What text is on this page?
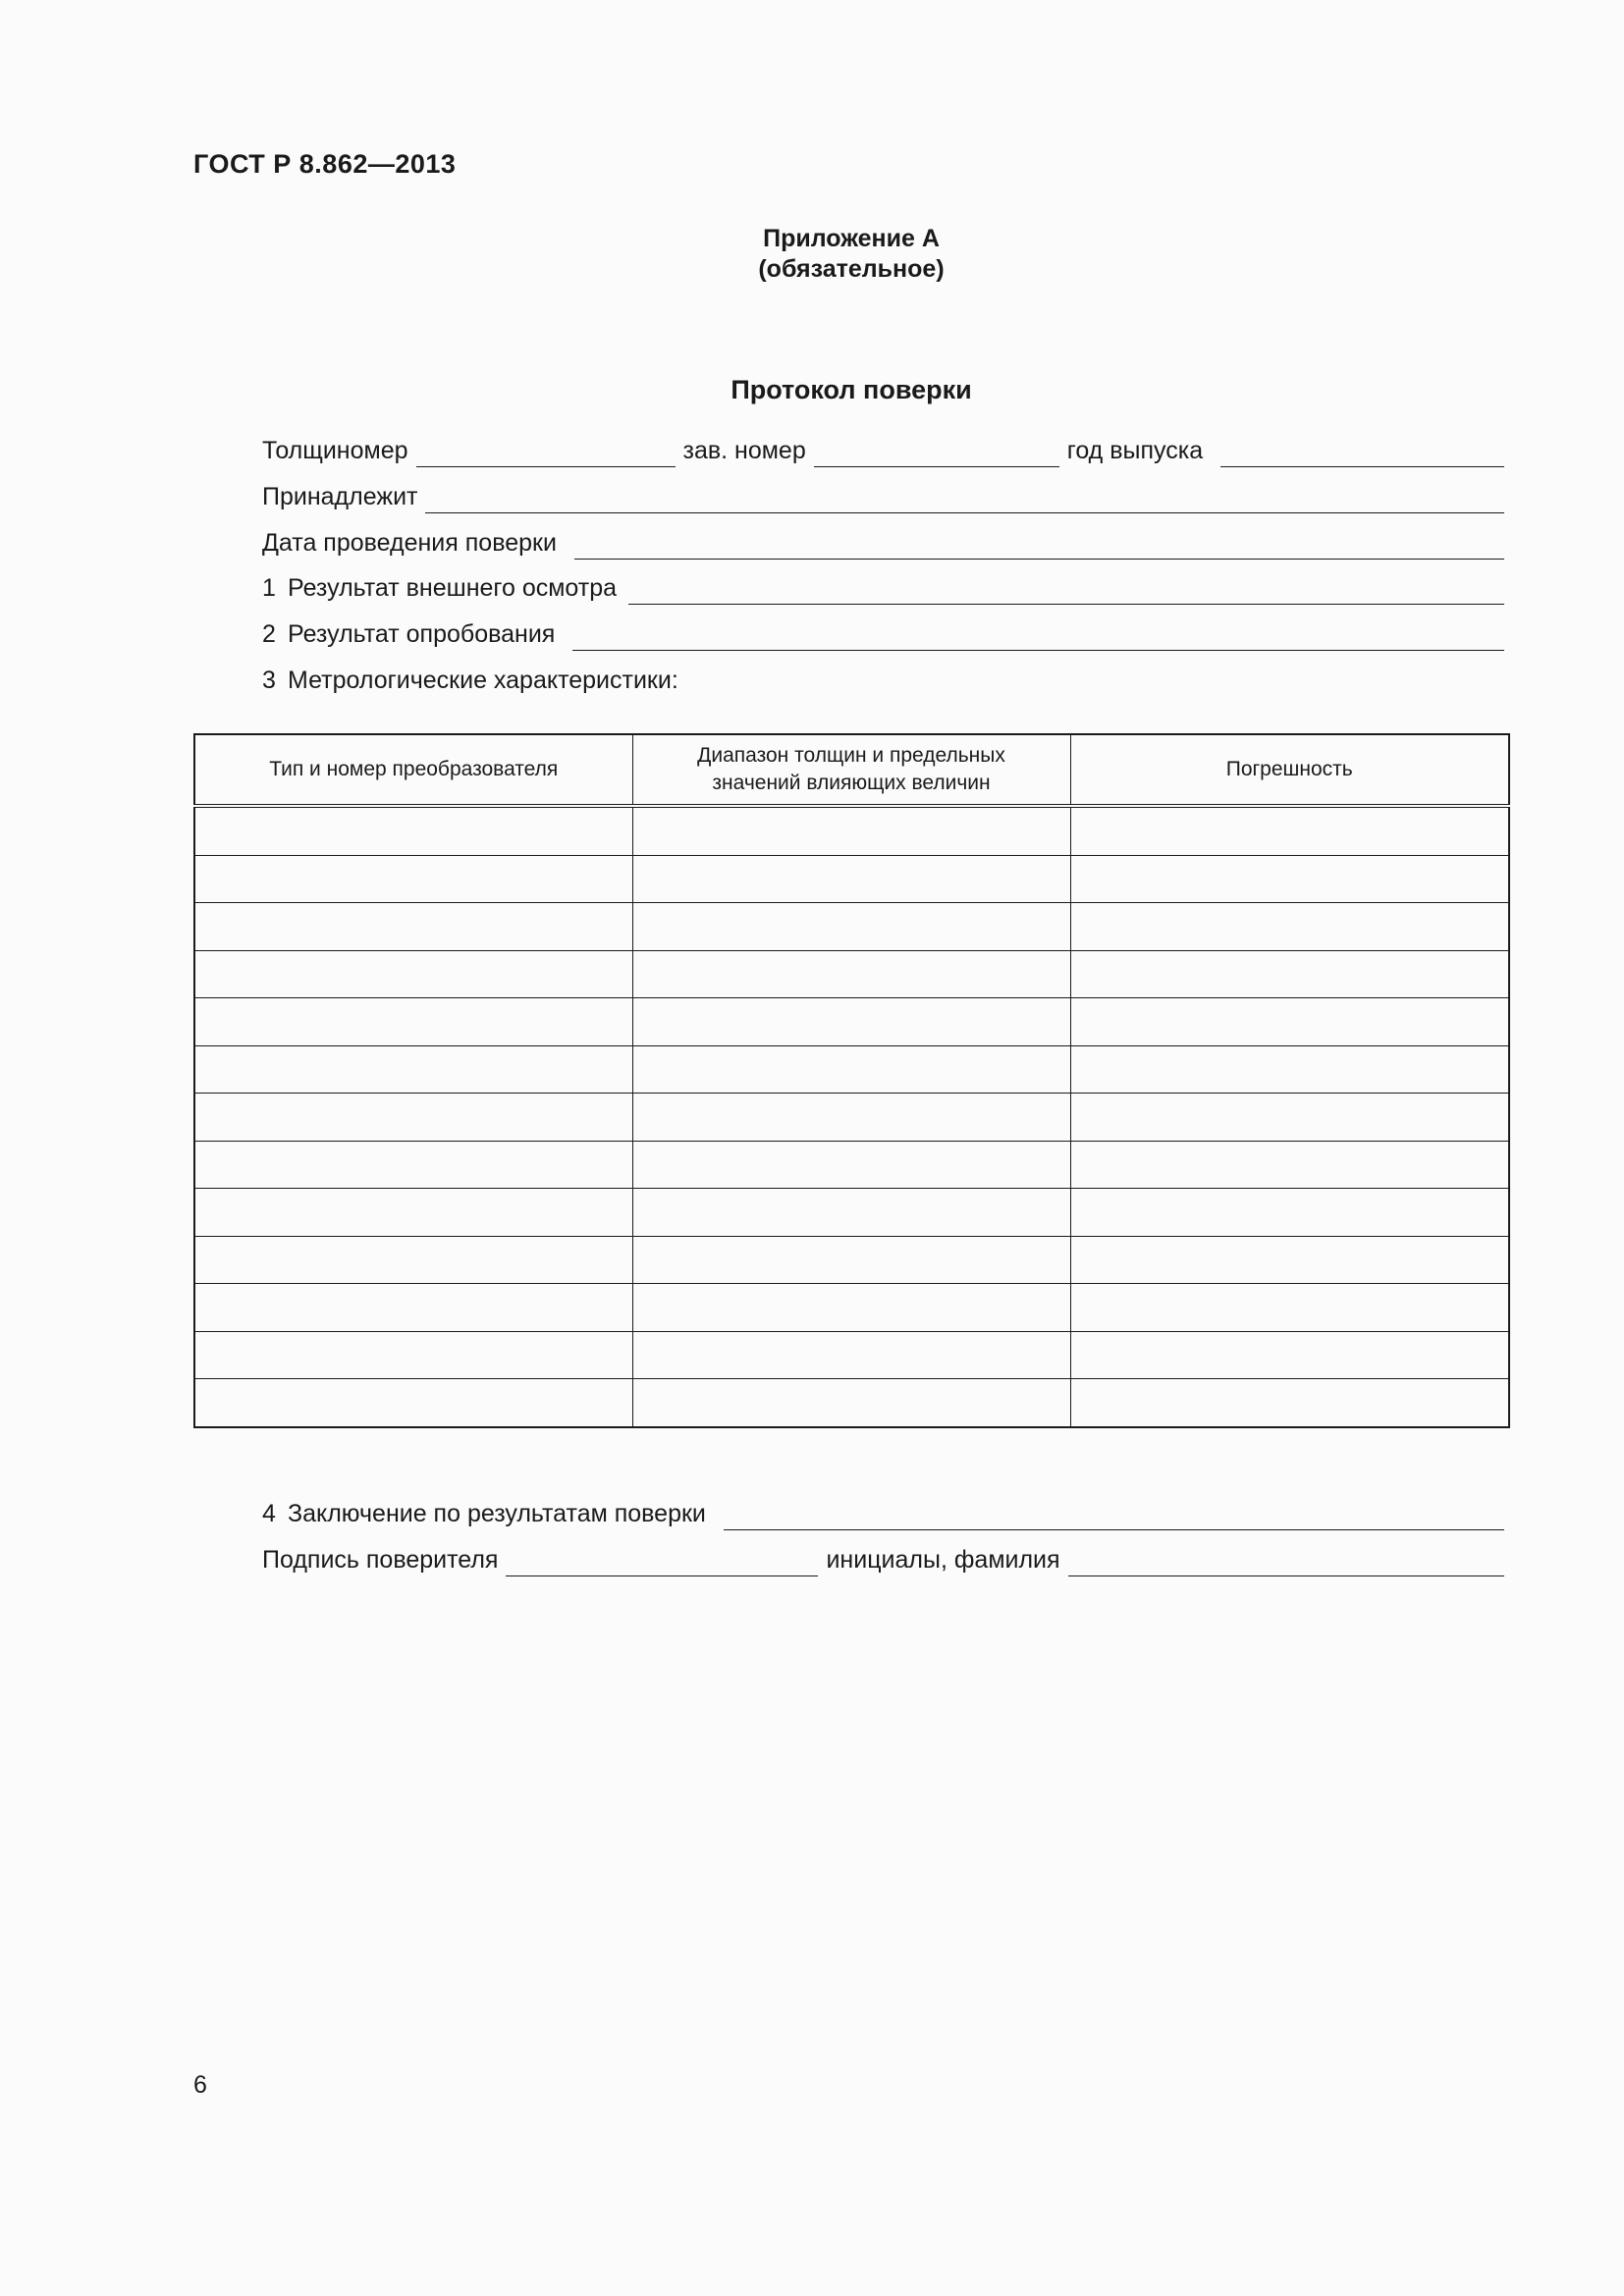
ГОСТ Р 8.862—2013
Приложение А
(обязательное)
Протокол поверки
Толщиномер	зав. номер	год выпуска
Принадлежит
Дата проведения поверки
1 Результат внешнего осмотра
2 Результат опробования
3 Метрологические характеристики:
Тип и номер преобразователя	Диапазон толщин и предельных значений влияющих величин	Погрешность

4 Заключение по результатам поверки
Подпись поверителя	инициалы, фамилия
6
